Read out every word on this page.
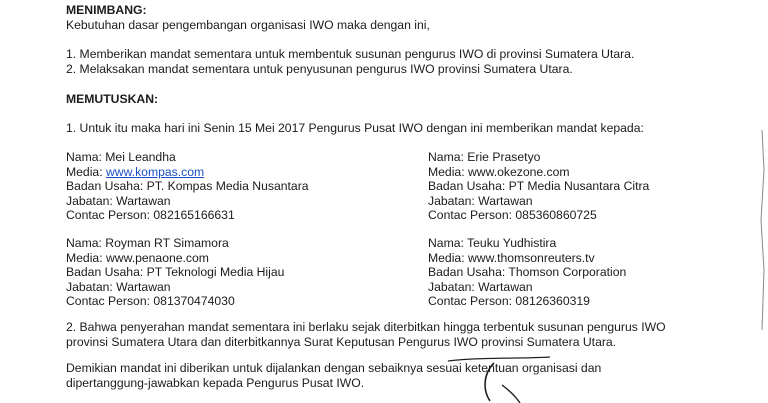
MENIMBANG:

Kebutuhan dasar pengembangan organisasi IWO maka dengan ini,

1. Memberikan mandat sementara untuk membentuk susunan pengurus IWO di provinsi Sumatera Utara.

2. Melaksakan mandat sementara untuk penyusunan pengurus IWO provinsi Sumatera Utara.

MEMUTUSKAN:

1. Untuk itu maka hari ini Senin 15 Mei 2017 Pengurus Pusat IWO dengan ini memberikan mandat kepada:

Nama: Mei Leandha

Media: www.kompas.com

Badan Usaha: PT. Kompas Media Nusantara

Jabatan: Wartawan

Contac Person: 082165166631

Nama: Erie Prasetyo

Media: www.okezone.com

Badan Usaha: PT Media Nusantara Citra

Jabatan: Wartawan

Contac Person: 085360860725

Nama: Royman RT Simamora

Media: www.penaone.com

Badan Usaha: PT Teknologi Media Hijau

Jabatan: Wartawan

Contac Person: 081370474030

Nama: Teuku Yudhistira

Media: www.thomsonreuters.tv

Badan Usaha: Thomson Corporation

Jabatan: Wartawan

Contac Person: 08126360319

2. Bahwa penyerahan mandat sementara ini berlaku sejak diterbitkan hingga terbentuk susunan pengurus IWO

provinsi Sumatera Utara dan diterbitkannya Surat Keputusan Pengurus IWO provinsi Sumatera Utara.

Demikian mandat ini diberikan untuk dijalankan dengan sebaiknya sesuai ketentuan organisasi dan

dipertanggung-jawabkan kepada Pengurus Pusat IWO.
